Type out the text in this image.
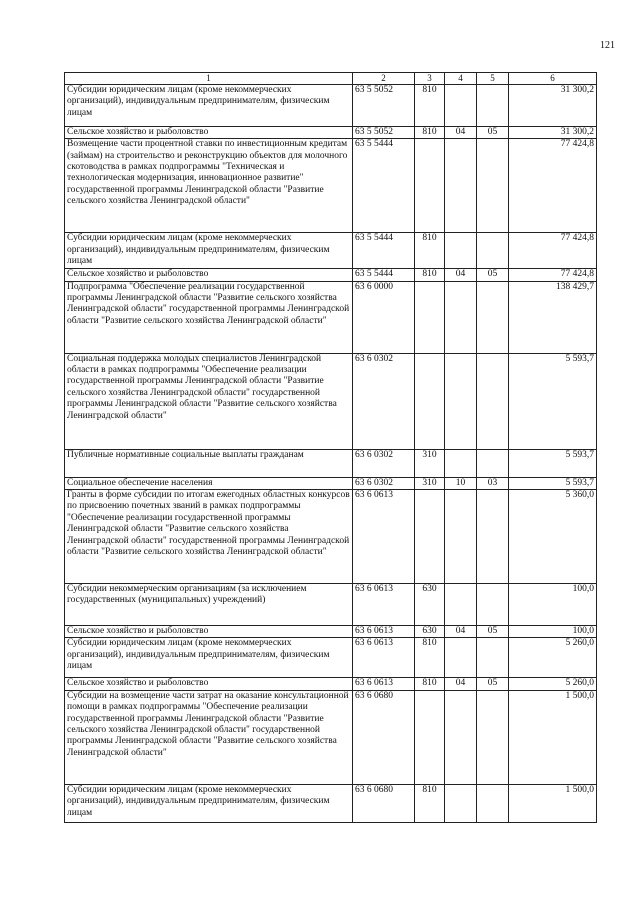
121
1	2	3	4	5	6
Субсидии юридическим лицам (кроме некоммерческих организаций), индивидуальным предпринимателям, физическим лицам	63 5 5052	810			31 300,2
Сельское хозяйство и рыболовство	63 5 5052	810	04	05	31 300,2
Возмещение части процентной ставки по инвестиционным кредитам (займам) на строительство и реконструкцию объектов для молочного скотоводства в рамках подпрограммы "Техническая и технологическая модернизация, инновационное развитие" государственной программы Ленинградской области "Развитие сельского хозяйства Ленинградской области"	63 5 5444				77 424,8
Субсидии юридическим лицам (кроме некоммерческих организаций), индивидуальным предпринимателям, физическим лицам	63 5 5444	810			77 424,8
Сельское хозяйство и рыболовство	63 5 5444	810	04	05	77 424,8
Подпрограмма "Обеспечение реализации государственной программы Ленинградской области "Развитие сельского хозяйства Ленинградской области" государственной программы Ленинградской области "Развитие сельского хозяйства Ленинградской области"	63 6 0000				138 429,7
Социальная поддержка молодых специалистов Ленинградской области в рамках подпрограммы "Обеспечение реализации государственной программы Ленинградской области "Развитие сельского хозяйства Ленинградской области" государственной программы Ленинградской области "Развитие сельского хозяйства Ленинградской области"	63 6 0302				5 593,7
Публичные нормативные социальные выплаты гражданам	63 6 0302	310			5 593,7
Социальное обеспечение населения	63 6 0302	310	10	03	5 593,7
Гранты в форме субсидии по итогам ежегодных областных конкурсов по присвоению почетных званий в рамках подпрограммы "Обеспечение реализации государственной программы Ленинградской области "Развитие сельского хозяйства Ленинградской области" государственной программы Ленинградской области "Развитие сельского хозяйства Ленинградской области"	63 6 0613				5 360,0
Субсидии некоммерческим организациям (за исключением государственных (муниципальных) учреждений)	63 6 0613	630			100,0
Сельское хозяйство и рыболовство	63 6 0613	630	04	05	100,0
Субсидии юридическим лицам (кроме некоммерческих организаций), индивидуальным предпринимателям, физическим лицам	63 6 0613	810			5 260,0
Сельское хозяйство и рыболовство	63 6 0613	810	04	05	5 260,0
Субсидии на возмещение части затрат на оказание консультационной помощи в рамках подпрограммы "Обеспечение реализации государственной программы Ленинградской области "Развитие сельского хозяйства Ленинградской области" государственной программы Ленинградской области "Развитие сельского хозяйства Ленинградской области"	63 6 0680				1 500,0
Субсидии юридическим лицам (кроме некоммерческих организаций), индивидуальным предпринимателям, физическим лицам	63 6 0680	810			1 500,0
